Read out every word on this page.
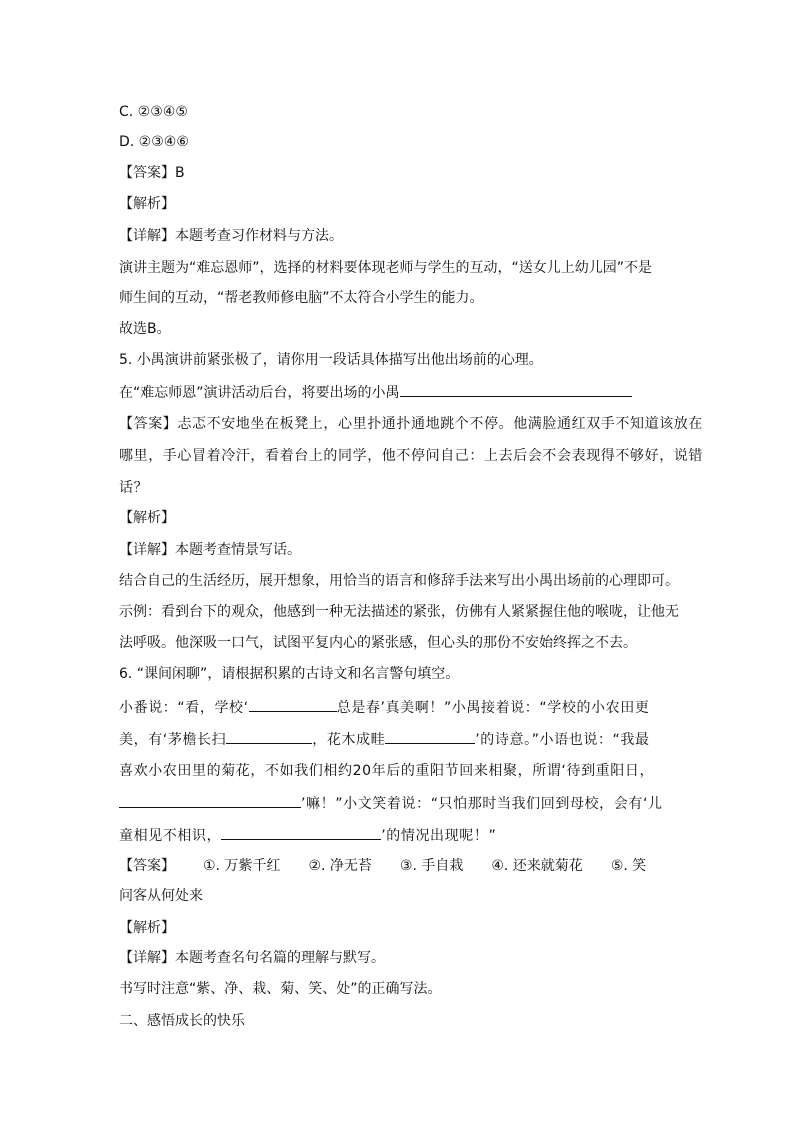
C. ②③④⑤
D. ②③④⑥
【答案】B
【解析】
【详解】本题考查习作材料与方法。
演讲主题为“难忘恩师”，选择的材料要体现老师与学生的互动，“送女儿上幼儿园”不是
师生间的互动，“帮老教师修电脑”不太符合小学生的能力。
故选B。
5. 小禺演讲前紧张极了，请你用一段话具体描写出他出场前的心理。
在“难忘师恩”演讲活动后台，将要出场的小禺
【答案】忐忑不安地坐在板凳上，心里扑通扑通地跳个不停。他满脸通红双手不知道该放在
哪里，手心冒着冷汗，看着台上的同学，他不停问自己：上去后会不会表现得不够好，说错
话？
【解析】
【详解】本题考查情景写话。
结合自己的生活经历，展开想象，用恰当的语言和修辞手法来写出小禺出场前的心理即可。
示例：看到台下的观众，他感到一种无法描述的紧张，仿佛有人紧紧握住他的喉咙，让他无
法呼吸。他深吸一口气，试图平复内心的紧张感，但心头的那份不安始终挥之不去。
6. “课间闲聊”，请根据积累的古诗文和名言警句填空。
小番说：“看，学校‘	总是春’真美啊！”小禺接着说：“学校的小农田更
美，有‘茅檐长扫	，花木成畦	’的诗意。”小语也说：“我最
喜欢小农田里的菊花，不如我们相约20年后的重阳节回来相聚，所谓‘待到重阳日，
’嘛！”小文笑着说：“只怕那时当我们回到母校，会有‘儿
童相见不相识，	’的情况出现呢！”
【答案】 ①. 万紫千红 ②. 净无苔 ③. 手自栽 ④. 还来就菊花 ⑤. 笑
问客从何处来
【解析】
【详解】本题考查名句名篇的理解与默写。
书写时注意“紫、净、栽、菊、笑、处”的正确写法。
二、感悟成长的快乐
